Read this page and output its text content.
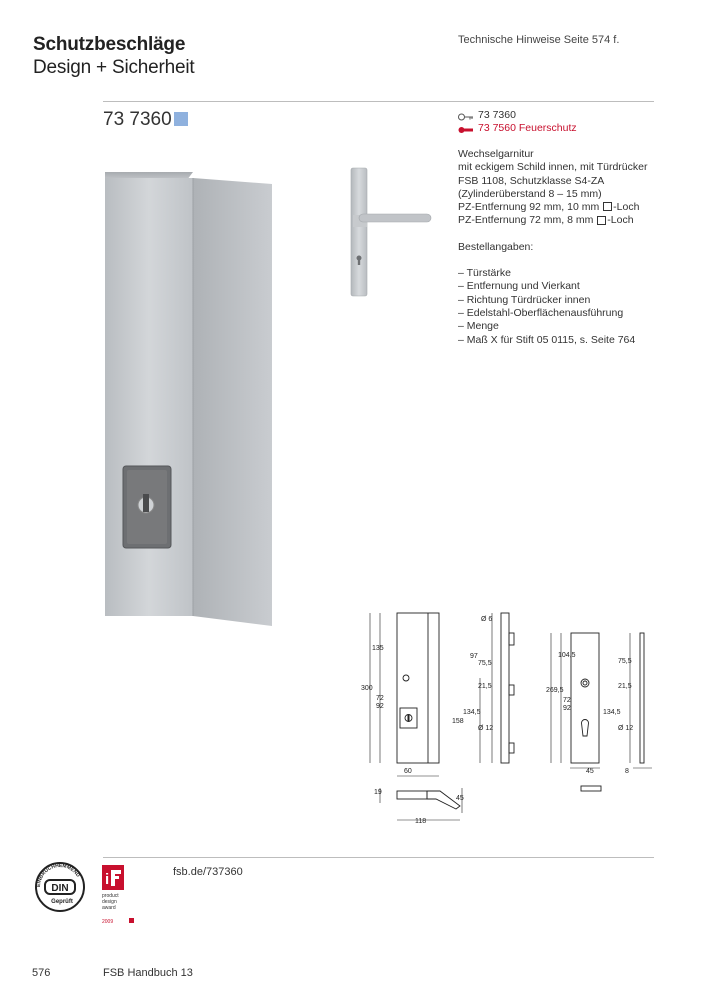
Schutzbeschläge
Design + Sicherheit
Technische Hinweise Seite 574 f.
73 7360	73 7360
73 7560 Feuerschutz
Wechselgarnitur
mit eckigem Schild innen, mit Türdrücker
FSB 1108, Schutzklasse S4-ZA
(Zylinderüberstand 8 – 15 mm)
PZ-Entfernung 92 mm, 10 mm -Loch
PZ-Entfernung 72 mm, 8 mm -Loch
Bestellangaben:
– Türstärke
– Entfernung und Vierkant
– Richtung Türdrücker innen
– Edelstahl-Oberflächenausführung
– Menge
– Maß X für Stift 05 0115, s. Seite 764
Ø 6
135
97
75,5
300
72
92
21,5
134,5
158
Ø 12
60
19
45
118
104,5
75,5
269,5
72
92
21,5
134,5
Ø 12
45	8
EINBRUCHHEMMEND
DIN
Geprüft
i
product
design
award
2009
fsb.de/737360
576	FSB Handbuch 13
